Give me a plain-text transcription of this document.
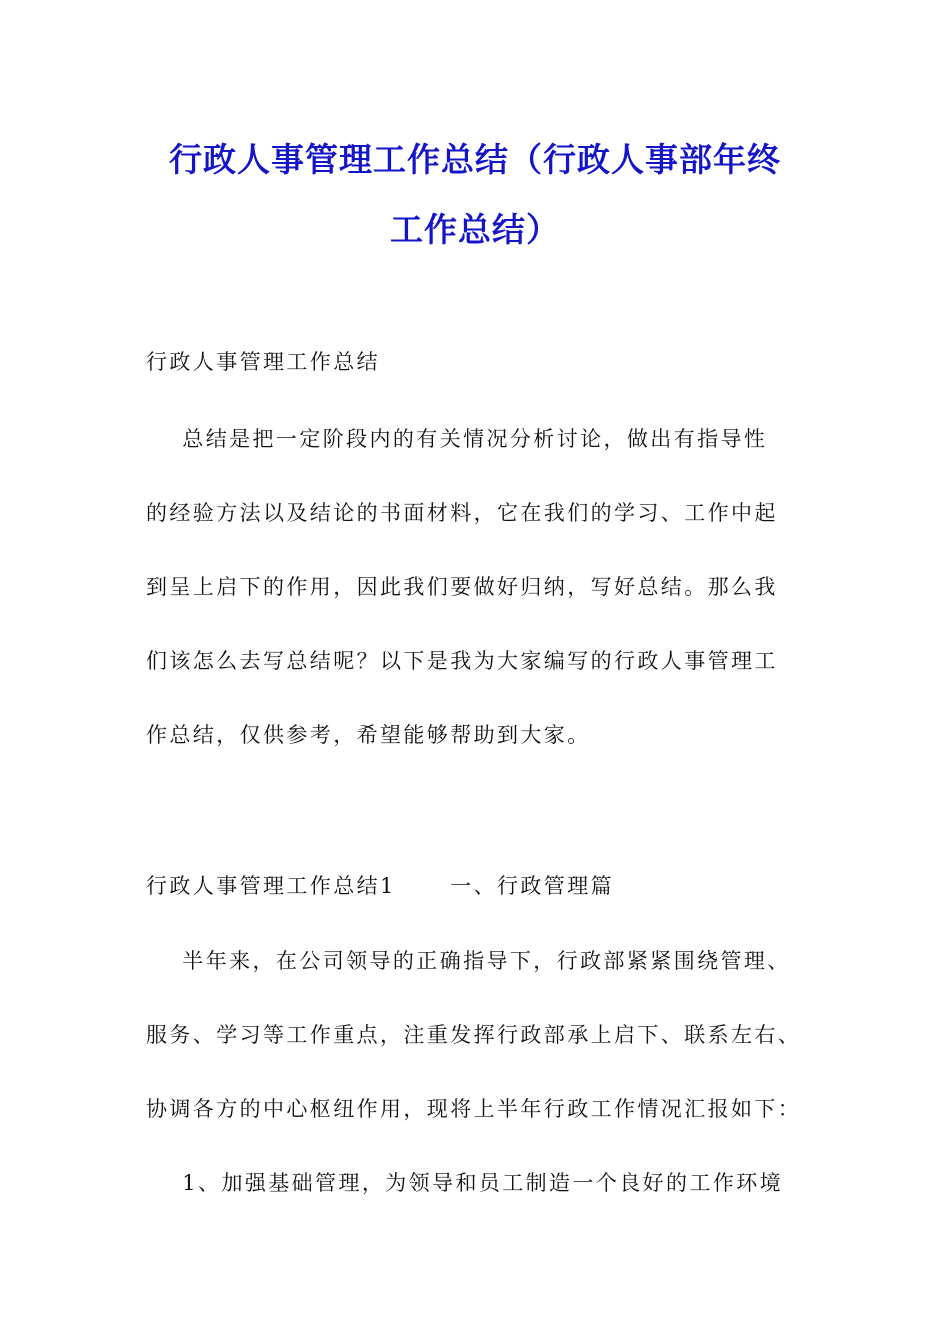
行政人事管理工作总结（行政人事部年终
工作总结）
行政人事管理工作总结
总结是把一定阶段内的有关情况分析讨论，做出有指导性
的经验方法以及结论的书面材料，它在我们的学习、工作中起
到呈上启下的作用，因此我们要做好归纳，写好总结。那么我
们该怎么去写总结呢？以下是我为大家编写的行政人事管理工
作总结，仅供参考，希望能够帮助到大家。
行政人事管理工作总结1      一、行政管理篇
半年来，在公司领导的正确指导下，行政部紧紧围绕管理、
服务、学习等工作重点，注重发挥行政部承上启下、联系左右、
协调各方的中心枢纽作用，现将上半年行政工作情况汇报如下：
1、加强基础管理，为领导和员工制造一个良好的工作环境
